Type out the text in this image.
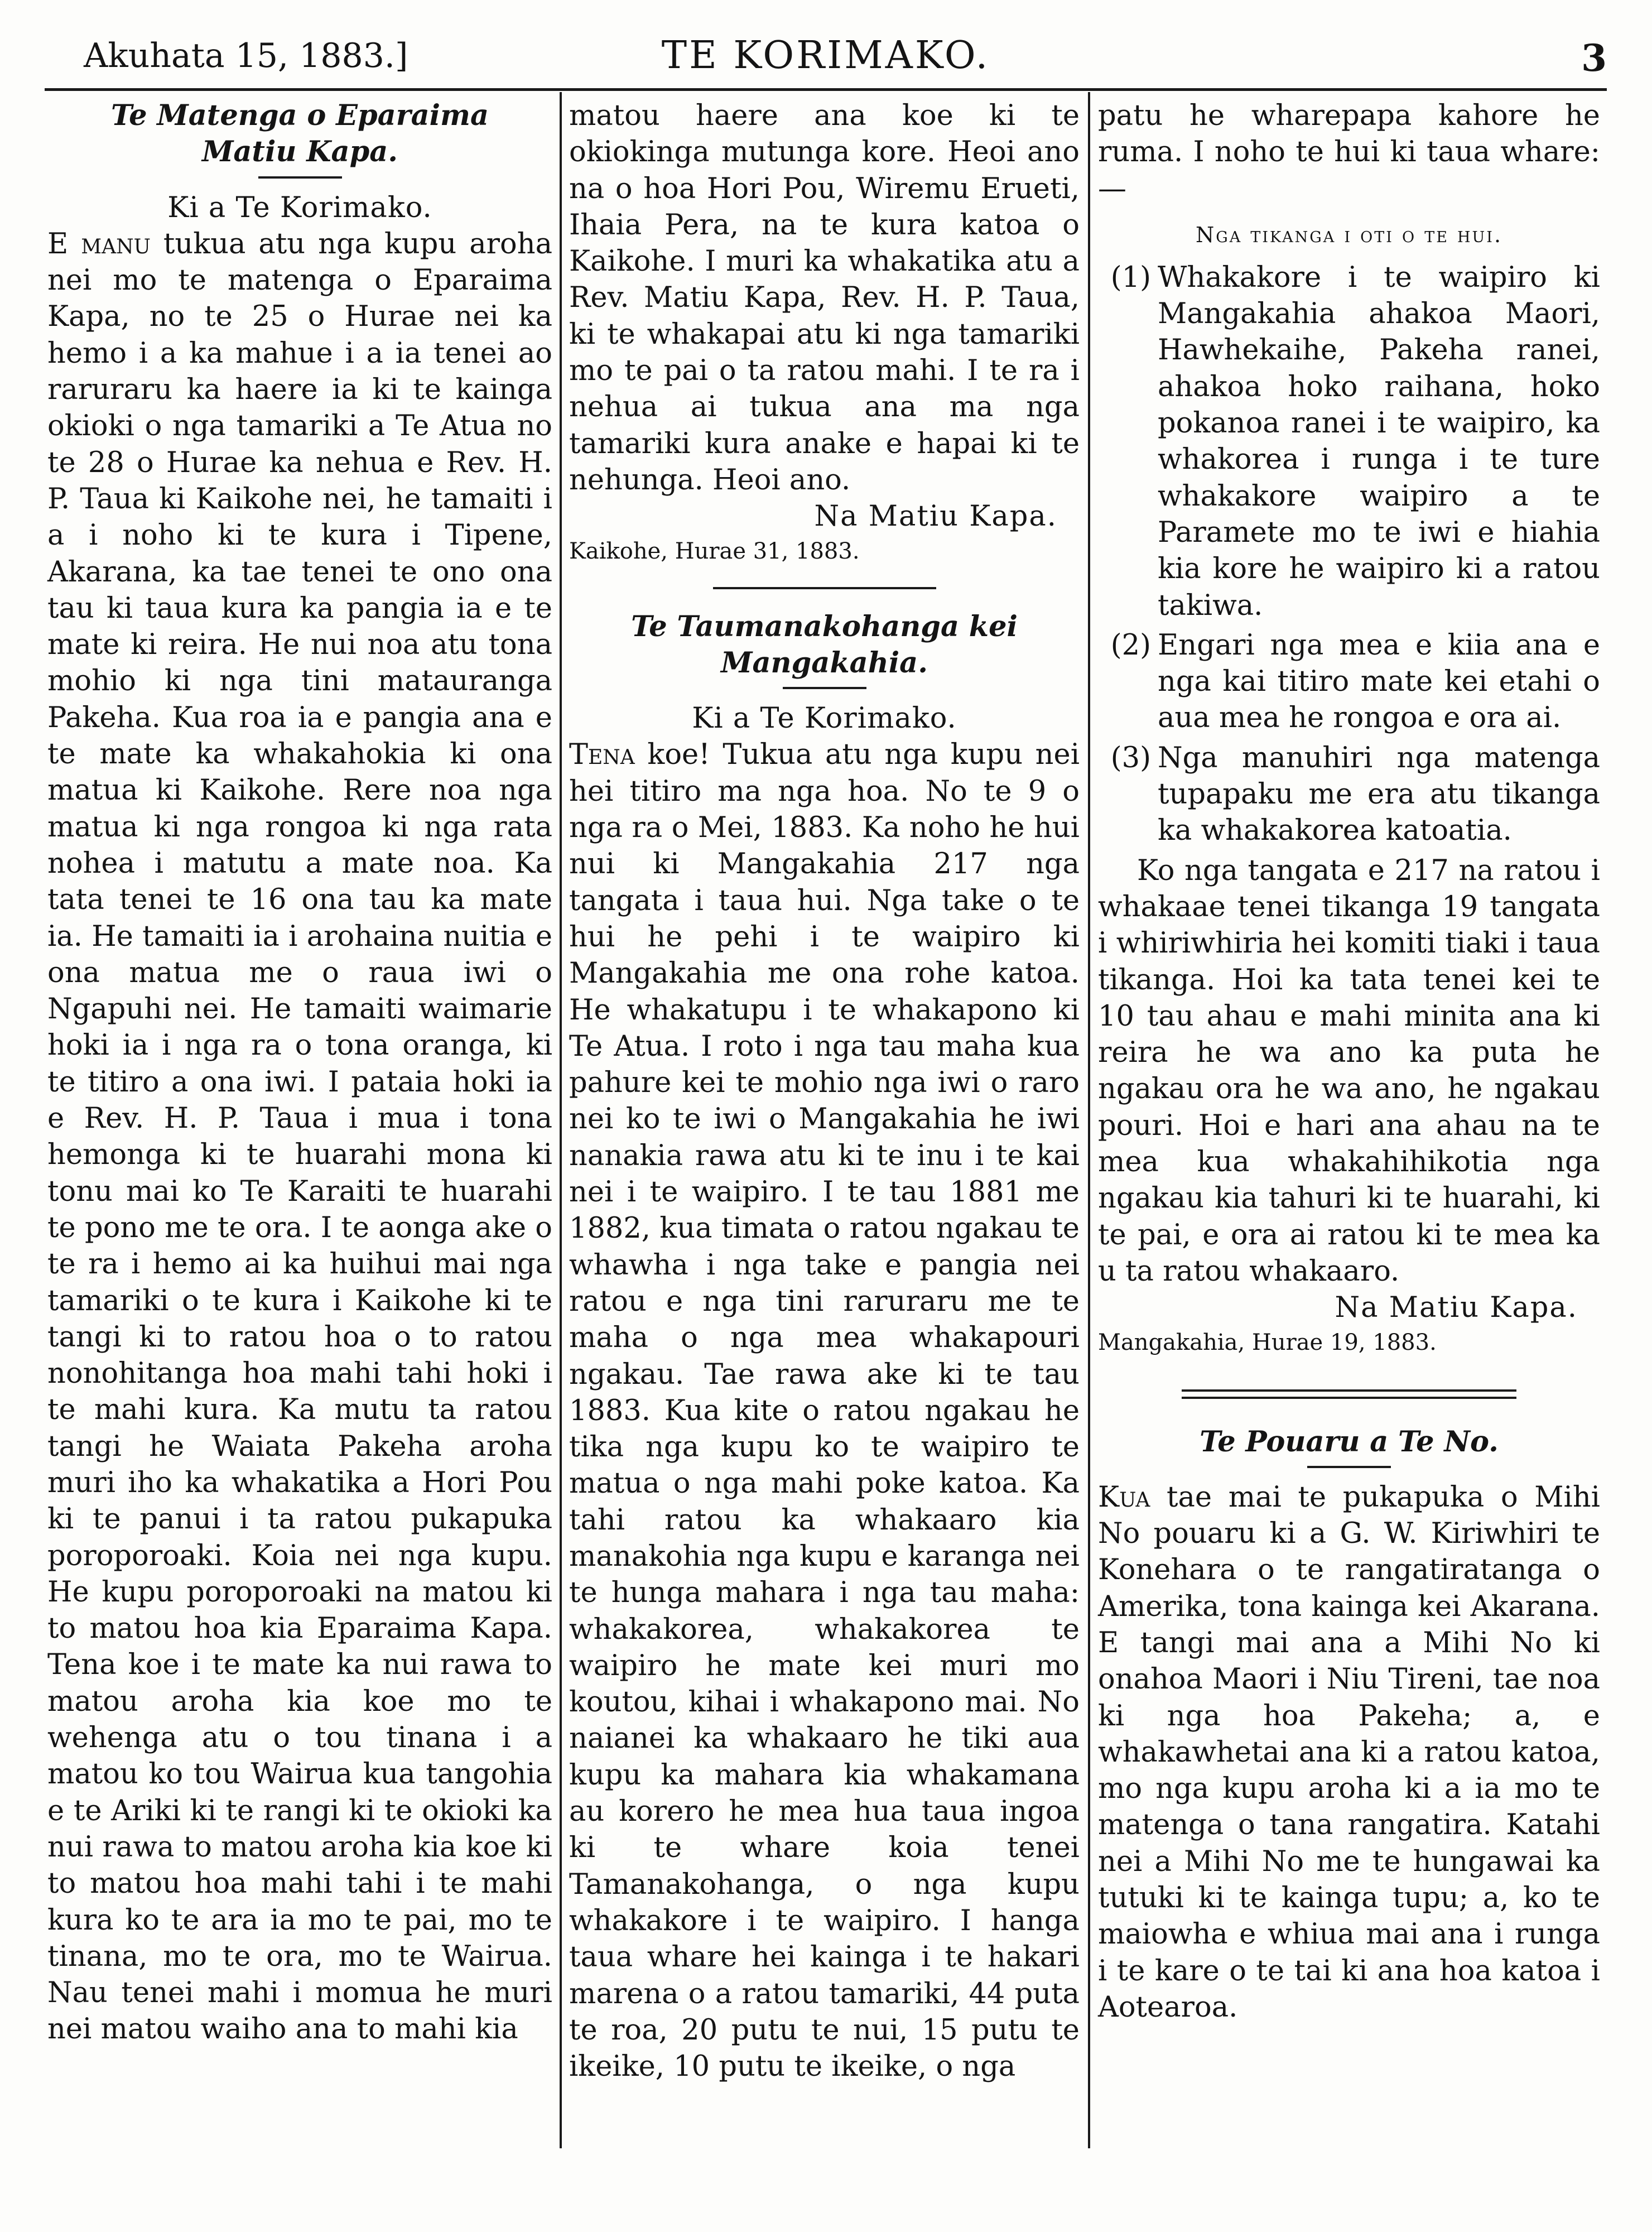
Akuhata 15, 1883.]	TE KORIMAKO.	3

Te Matenga o Eparaima

Matiu Kapa.

Ki a Te Korimako.

E manu tukua atu nga kupu aroha nei mo te matenga o Eparaima Kapa, no te 25 o Hurae nei ka hemo i a ka mahue i a ia tenei ao raruraru ka haere ia ki te kainga okioki o nga tamariki a Te Atua no te 28 o Hurae ka nehua e Rev. H. P. Taua ki Kaikohe nei, he tamaiti i a i noho ki te kura i Tipene, Akarana, ka tae tenei te ono ona tau ki taua kura ka pangia ia e te mate ki reira. He nui noa atu tona mohio ki nga tini matauranga Pakeha. Kua roa ia e pangia ana e te mate ka whakahokia ki ona matua ki Kaikohe. Rere noa nga matua ki nga rongoa ki nga rata nohea i matutu a mate noa. Ka tata tenei te 16 ona tau ka mate ia. He tamaiti ia i arohaina nuitia e ona matua me o raua iwi o Ngapuhi nei. He tamaiti waimarie hoki ia i nga ra o tona oranga, ki te titiro a ona iwi. I pataia hoki ia e Rev. H. P. Taua i mua i tona hemonga ki te huarahi mona ki tonu mai ko Te Karaiti te huarahi te pono me te ora. I te aonga ake o te ra i hemo ai ka huihui mai nga tamariki o te kura i Kaikohe ki te tangi ki to ratou hoa o to ratou nonohitanga hoa mahi tahi hoki i te mahi kura. Ka mutu ta ratou tangi he Waiata Pakeha aroha muri iho ka whakatika a Hori Pou ki te panui i ta ratou pukapuka poroporoaki. Koia nei nga kupu. He kupu poroporoaki na matou ki to matou hoa kia Eparaima Kapa. Tena koe i te mate ka nui rawa to matou aroha kia koe mo te wehenga atu o tou tinana i a matou ko tou Wairua kua tangohia e te Ariki ki te rangi ki te okioki ka nui rawa to matou aroha kia koe ki to matou hoa mahi tahi i te mahi kura ko te ara ia mo te pai, mo te tinana, mo te ora, mo te Wairua. Nau tenei mahi i momua he muri nei matou waiho ana to mahi kia

matou haere ana koe ki te okiokinga mutunga kore. Heoi ano na o hoa Hori Pou, Wiremu Erueti, Ihaia Pera, na te kura katoa o Kaikohe. I muri ka whakatika atu a Rev. Matiu Kapa, Rev. H. P. Taua, ki te whakapai atu ki nga tamariki mo te pai o ta ratou mahi. I te ra i nehua ai tukua ana ma nga tamariki kura anake e hapai ki te nehunga. Heoi ano.

Na Matiu Kapa.

Kaikohe, Hurae 31, 1883.

Te Taumanakohanga kei

Mangakahia.

Ki a Te Korimako.

Tena koe! Tukua atu nga kupu nei hei titiro ma nga hoa. No te 9 o nga ra o Mei, 1883. Ka noho he hui nui ki Mangakahia 217 nga tangata i taua hui. Nga take o te hui he pehi i te waipiro ki Mangakahia me ona rohe katoa. He whakatupu i te whakapono ki Te Atua. I roto i nga tau maha kua pahure kei te mohio nga iwi o raro nei ko te iwi o Mangakahia he iwi nanakia rawa atu ki te inu i te kai nei i te waipiro. I te tau 1881 me 1882, kua timata o ratou ngakau te whawha i nga take e pangia nei ratou e nga tini raruraru me te maha o nga mea whakapouri ngakau. Tae rawa ake ki te tau 1883. Kua kite o ratou ngakau he tika nga kupu ko te waipiro te matua o nga mahi poke katoa. Ka tahi ratou ka whakaaro kia manakohia nga kupu e karanga nei te hunga mahara i nga tau maha: whakakorea, whakakorea te waipiro he mate kei muri mo koutou, kihai i whakapono mai. No naianei ka whakaaro he tiki aua kupu ka mahara kia whakamana au korero he mea hua taua ingoa ki te whare koia tenei Tamanakohanga, o nga kupu whakakore i te waipiro. I hanga taua whare hei kainga i te hakari marena o a ratou tamariki, 44 puta te roa, 20 putu te nui, 15 putu te ikeike, 10 putu te ikeike, o nga

patu he wharepapa kahore he ruma. I noho te hui ki taua whare:—

Nga tikanga i oti o te hui.

(1) Whakakore i te waipiro ki Mangakahia ahakoa Maori, Hawhekaihe, Pakeha ranei, ahakoa hoko raihana, hoko pokanoa ranei i te waipiro, ka whakorea i runga i te ture whakakore waipiro a te Paramete mo te iwi e hiahia kia kore he waipiro ki a ratou takiwa.
(2) Engari nga mea e kiia ana e nga kai titiro mate kei etahi o aua mea he rongoa e ora ai.
(3) Nga manuhiri nga matenga tupapaku me era atu tikanga ka whakakorea katoatia.

Ko nga tangata e 217 na ratou i whakaae tenei tikanga 19 tangata i whiriwhiria hei komiti tiaki i taua tikanga. Hoi ka tata tenei kei te 10 tau ahau e mahi minita ana ki reira he wa ano ka puta he ngakau ora he wa ano, he ngakau pouri. Hoi e hari ana ahau na te mea kua whakahihikotia nga ngakau kia tahuri ki te huarahi, ki te pai, e ora ai ratou ki te mea ka u ta ratou whakaaro.

Na Matiu Kapa.

Mangakahia, Hurae 19, 1883.

Te Pouaru a Te No.

Kua tae mai te pukapuka o Mihi No pouaru ki a G. W. Kiriwhiri te Konehara o te rangatiratanga o Amerika, tona kainga kei Akarana. E tangi mai ana a Mihi No ki onahoa Maori i Niu Tireni, tae noa ki nga hoa Pakeha; a, e whakawhetai ana ki a ratou katoa, mo nga kupu aroha ki a ia mo te matenga o tana rangatira. Katahi nei a Mihi No me te hungawai ka tutuki ki te kainga tupu; a, ko te maiowha e whiua mai ana i runga i te kare o te tai ki ana hoa katoa i Aotearoa.
